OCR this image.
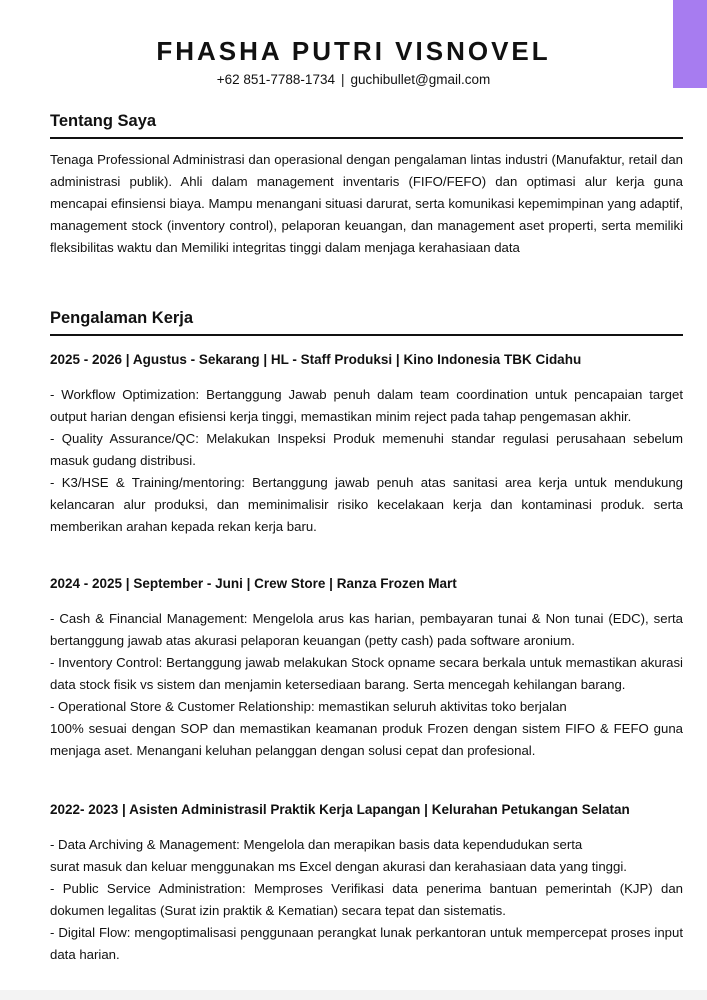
FHASHA PUTRI VISNOVEL
+62 851-7788-1734 | guchibullet@gmail.com
Tentang Saya

Tenaga Professional Administrasi dan operasional dengan pengalaman lintas industri (Manufaktur, retail dan administrasi publik). Ahli dalam management inventaris (FIFO/FEFO) dan optimasi alur kerja guna mencapai efinsiensi biaya. Mampu menangani situasi darurat, serta komunikasi kepemimpinan yang adaptif, management stock (inventory control), pelaporan keuangan, dan management aset properti, serta memiliki fleksibilitas waktu dan Memiliki integritas tinggi dalam menjaga kerahasiaan data

Pengalaman Kerja
2025 - 2026 | Agustus - Sekarang | HL - Staff Produksi | Kino Indonesia TBK Cidahu
- Workflow Optimization: Bertanggung Jawab penuh dalam team coordination untuk pencapaian target output harian dengan efisiensi kerja tinggi, memastikan minim reject pada tahap pengemasan akhir.
- Quality Assurance/QC: Melakukan Inspeksi Produk memenuhi standar regulasi perusahaan sebelum masuk gudang distribusi.
- K3/HSE & Training/mentoring: Bertanggung jawab penuh atas sanitasi area kerja untuk mendukung kelancaran alur produksi, dan meminimalisir risiko kecelakaan kerja dan kontaminasi produk. serta memberikan arahan kepada rekan kerja baru.
2024 - 2025 | September - Juni | Crew Store | Ranza Frozen Mart
- Cash & Financial Management: Mengelola arus kas harian, pembayaran tunai & Non tunai (EDC), serta bertanggung jawab atas akurasi pelaporan keuangan (petty cash) pada software aronium.
- Inventory Control: Bertanggung jawab melakukan Stock opname secara berkala untuk memastikan akurasi data stock fisik vs sistem dan menjamin ketersediaan barang. Serta mencegah kehilangan barang.
- Operational Store & Customer Relationship: memastikan seluruh aktivitas toko berjalan
100% sesuai dengan SOP dan memastikan keamanan produk Frozen dengan sistem FIFO & FEFO guna menjaga aset. Menangani keluhan pelanggan dengan solusi cepat dan profesional.
2022- 2023 | Asisten Administrasil Praktik Kerja Lapangan | Kelurahan Petukangan Selatan
- Data Archiving & Management: Mengelola dan merapikan basis data kependudukan serta
surat masuk dan keluar menggunakan ms Excel dengan akurasi dan kerahasiaan data yang tinggi.
- Public Service Administration: Memproses Verifikasi data penerima bantuan pemerintah (KJP) dan dokumen legalitas (Surat izin praktik & Kematian) secara tepat dan sistematis.
- Digital Flow: mengoptimalisasi penggunaan perangkat lunak perkantoran untuk mempercepat proses input data harian.
